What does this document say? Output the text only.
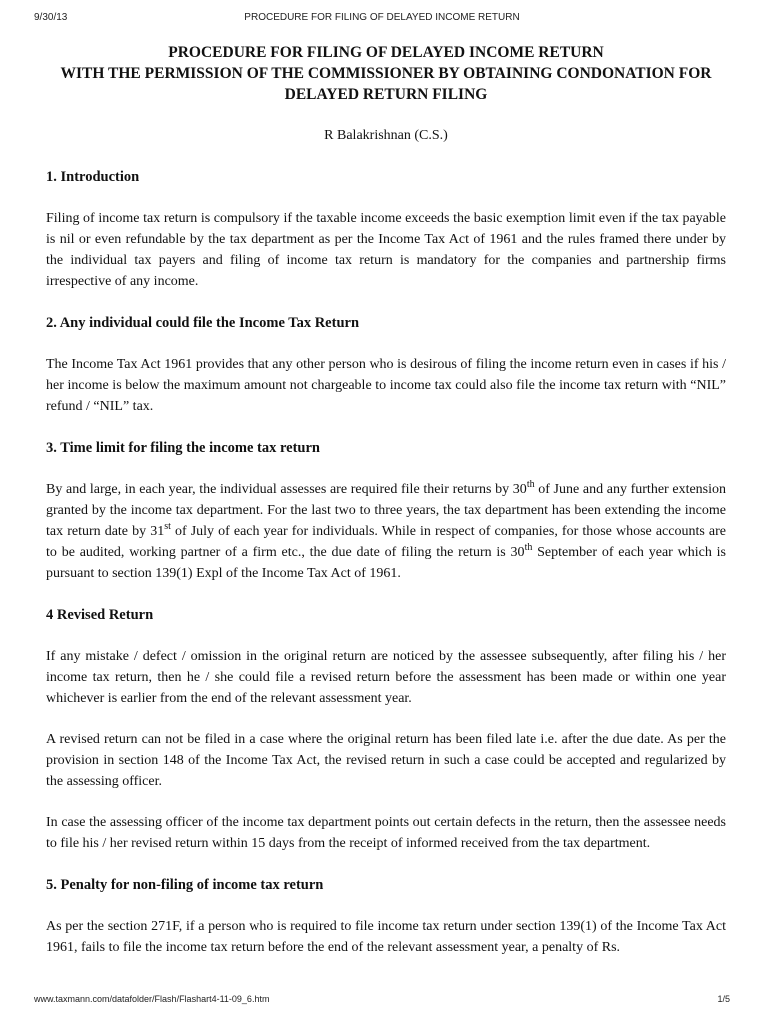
9/30/13	PROCEDURE FOR FILING OF DELAYED INCOME RETURN
PROCEDURE FOR FILING OF DELAYED INCOME RETURN
WITH THE PERMISSION OF THE COMMISSIONER BY OBTAINING CONDONATION FOR
DELAYED RETURN FILING
R Balakrishnan (C.S.)
1. Introduction

Filing of income tax return is compulsory if the taxable income exceeds the basic exemption limit even if the tax payable is nil or even refundable by the tax department as per the Income Tax Act of 1961 and the rules framed there under by the individual tax payers and filing of income tax return is mandatory for the companies and partnership firms irrespective of any income.

2. Any individual could file the Income Tax Return

The Income Tax Act 1961 provides that any other person who is desirous of filing the income return even in cases if his / her income is below the maximum amount not chargeable to income tax could also file the income tax return with “NIL” refund / “NIL” tax.

3. Time limit for filing the income tax return

By and large, in each year, the individual assesses are required file their returns by 30th of June and any further extension granted by the income tax department. For the last two to three years, the tax department has been extending the income tax return date by 31st of July of each year for individuals. While in respect of companies, for those whose accounts are to be audited, working partner of a firm etc., the due date of filing the return is 30th September of each year which is pursuant to section 139(1) Expl of the Income Tax Act of 1961.

4 Revised Return

If any mistake / defect / omission in the original return are noticed by the assessee subsequently, after filing his / her income tax return, then he / she could file a revised return before the assessment has been made or within one year whichever is earlier from the end of the relevant assessment year.

A revised return can not be filed in a case where the original return has been filed late i.e. after the due date. As per the provision in section 148 of the Income Tax Act, the revised return in such a case could be accepted and regularized by the assessing officer.

In case the assessing officer of the income tax department points out certain defects in the return, then the assessee needs to file his / her revised return within 15 days from the receipt of informed received from the tax department.

5. Penalty for non-filing of income tax return

As per the section 271F, if a person who is required to file income tax return under section 139(1) of the Income Tax Act 1961, fails to file the income tax return before the end of the relevant assessment year, a penalty of Rs.

www.taxmann.com/datafolder/Flash/Flashart4-11-09_6.htm	1/5
